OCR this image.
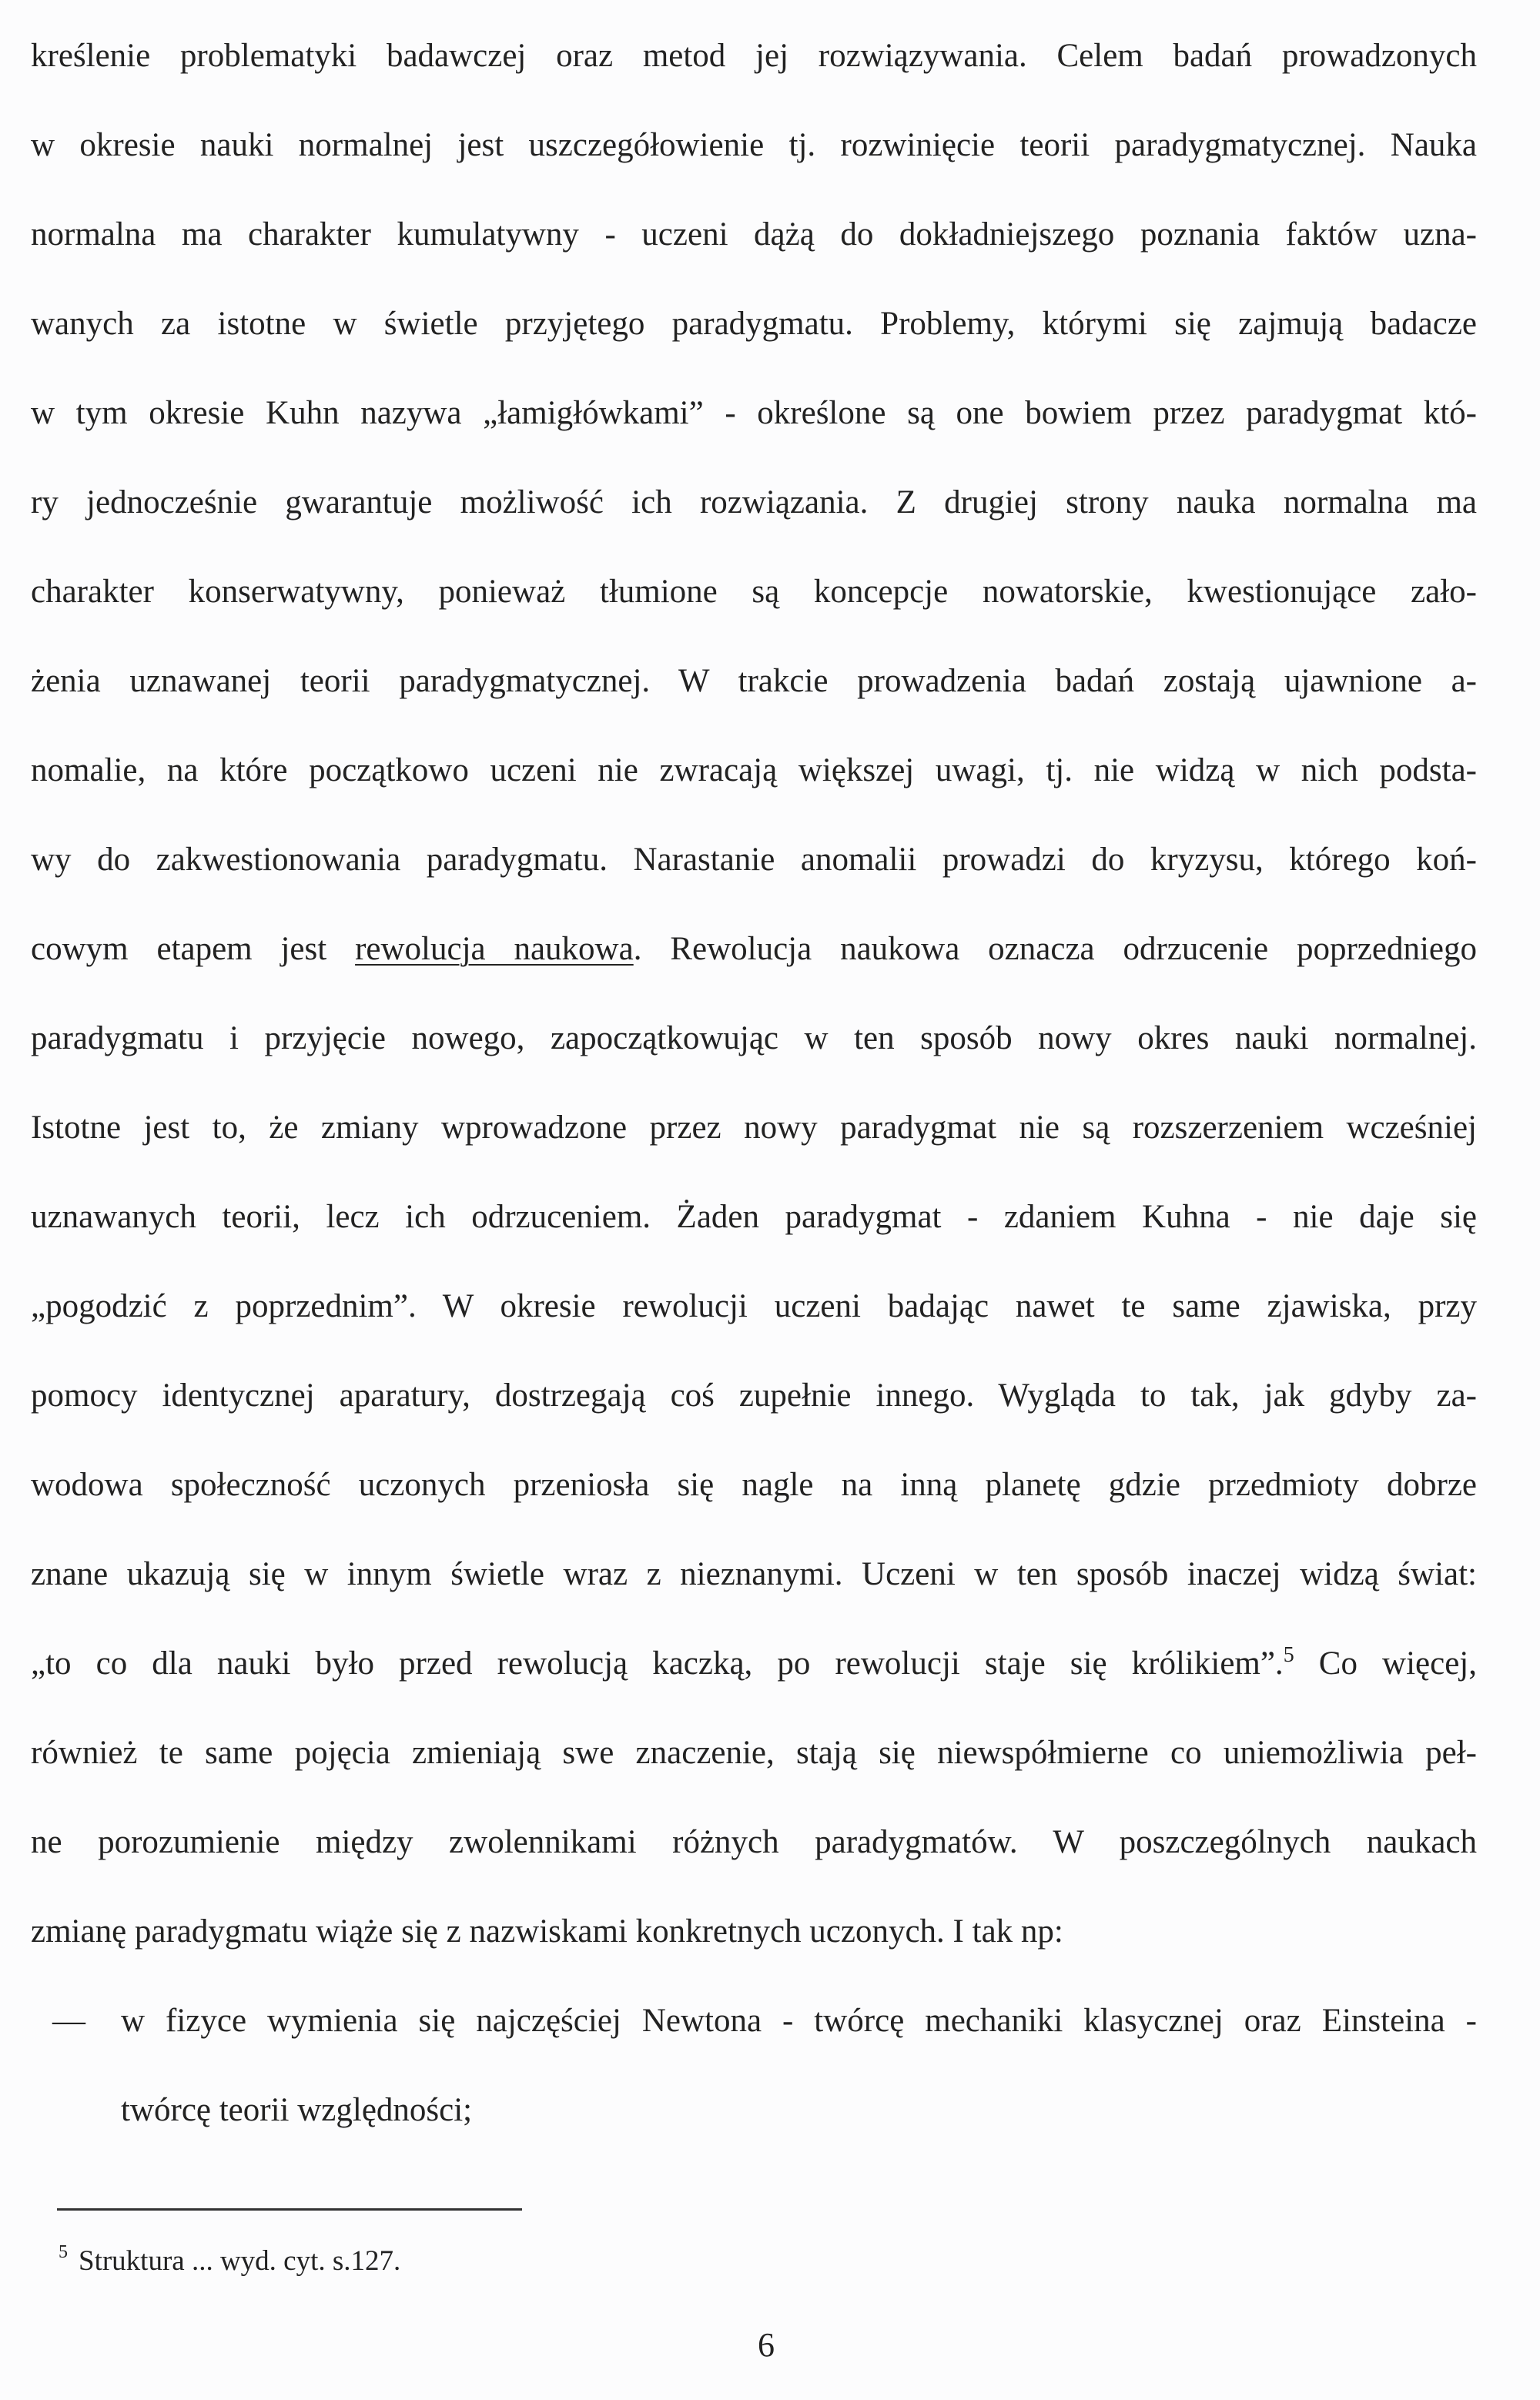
kreślenie problematyki badawczej oraz metod jej rozwiązywania. Celem badań prowadzonych
w okresie nauki normalnej jest uszczegółowienie tj. rozwinięcie teorii paradygmatycznej. Nauka
normalna ma charakter kumulatywny - uczeni dążą do dokładniejszego poznania faktów uzna-
wanych za istotne w świetle przyjętego paradygmatu. Problemy, którymi się zajmują badacze
w tym okresie Kuhn nazywa „łamigłówkami” - określone są one bowiem przez paradygmat któ-
ry jednocześnie gwarantuje możliwość ich rozwiązania. Z drugiej strony nauka normalna ma
charakter konserwatywny, ponieważ tłumione są koncepcje nowatorskie, kwestionujące zało-
żenia uznawanej teorii paradygmatycznej. W trakcie prowadzenia badań zostają ujawnione a-
nomalie, na które początkowo uczeni nie zwracają większej uwagi, tj. nie widzą w nich podsta-
wy do zakwestionowania paradygmatu. Narastanie anomalii prowadzi do kryzysu, którego koń-
cowym etapem jest rewolucja naukowa. Rewolucja naukowa oznacza odrzucenie poprzedniego
paradygmatu i przyjęcie nowego, zapoczątkowując w ten sposób nowy okres nauki normalnej.
Istotne jest to, że zmiany wprowadzone przez nowy paradygmat nie są rozszerzeniem wcześniej
uznawanych teorii, lecz ich odrzuceniem. Żaden paradygmat - zdaniem Kuhna - nie daje się
„pogodzić z poprzednim”. W okresie rewolucji uczeni badając nawet te same zjawiska, przy
pomocy identycznej aparatury, dostrzegają coś zupełnie innego. Wygląda to tak, jak gdyby za-
wodowa społeczność uczonych przeniosła się nagle na inną planetę gdzie przedmioty dobrze
znane ukazują się w innym świetle wraz z nieznanymi. Uczeni w ten sposób inaczej widzą świat:
„to co dla nauki było przed rewolucją kaczką, po rewolucji staje się królikiem”.$^5$ Co więcej,
również te same pojęcia zmieniają swe znaczenie, stają się niewspółmierne co uniemożliwia peł-
ne porozumienie między zwolennikami różnych paradygmatów. W poszczególnych naukach
zmianę paradygmatu wiąże się z nazwiskami konkretnych uczonych. I tak np:
— w fizyce wymienia się najczęściej Newtona - twórcę mechaniki klasycznej oraz Einsteina -
twórcę teorii względności;
$^5$ Struktura ... wyd. cyt. s.127.
6
